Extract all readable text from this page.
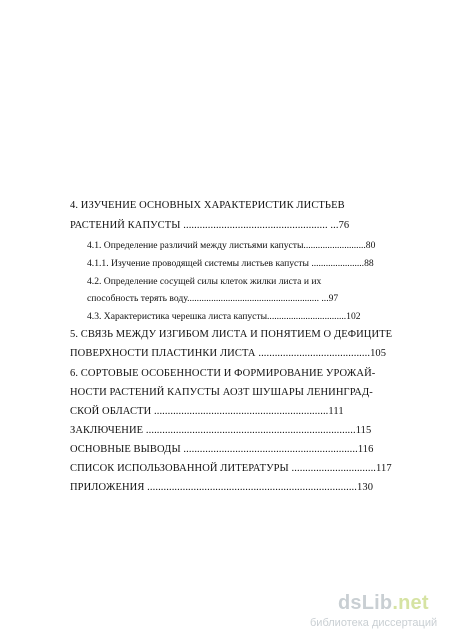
4. ИЗУЧЕНИЕ ОСНОВНЫХ ХАРАКТЕРИСТИК ЛИСТЬЕВ
РАСТЕНИЙ КАПУСТЫ ..................................................... ...76
4.1. Определение различий между листьями капусты..........................80
4.1.1. Изучение проводящей системы листьев капусты ......................88
4.2. Определение сосущей силы клеток жилки листа и их
способность терять воду....................................................... ...97
4.3. Характеристика черешка листа капусты.................................102
5. СВЯЗЬ МЕЖДУ ИЗГИБОМ ЛИСТА И ПОНЯТИЕМ О ДЕФИЦИТЕ
ПОВЕРХНОСТИ ПЛАСТИНКИ ЛИСТА .........................................105
6. СОРТОВЫЕ ОСОБЕННОСТИ И ФОРМИРОВАНИЕ УРОЖАЙ-
НОСТИ РАСТЕНИЙ КАПУСТЫ АОЗТ ШУШАРЫ ЛЕНИНГРАД-
СКОЙ ОБЛАСТИ ................................................................111
ЗАКЛЮЧЕНИЕ .............................................................................115
ОСНОВНЫЕ ВЫВОДЫ ................................................................116
СПИСОК ИСПОЛЬЗОВАННОЙ ЛИТЕРАТУРЫ ...............................117
ПРИЛОЖЕНИЯ .............................................................................130
dsLib.net
библиотека диссертаций
